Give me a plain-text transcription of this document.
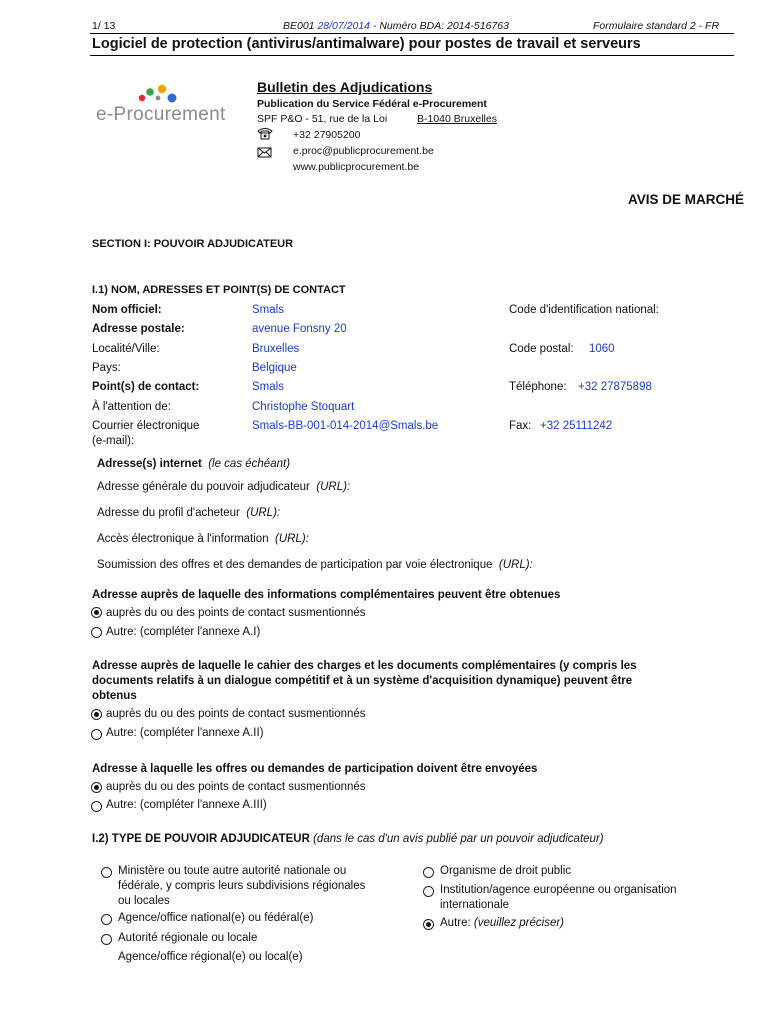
1/ 13	BE001 28/07/2014 - Numéro BDA: 2014-516763	Formulaire standard 2 - FR
Logiciel de protection (antivirus/antimalware) pour postes de travail et serveurs
e-Procurement
Bulletin des Adjudications
Publication du Service Fédéral e-Procurement
SPF P&O - 51, rue de la Loi	B-1040 Bruxelles
+32 27905200
e.proc@publicprocurement.be
www.publicprocurement.be
AVIS DE MARCHÉ
SECTION I: POUVOIR ADJUDICATEUR
I.1) NOM, ADRESSES ET POINT(S) DE CONTACT
Nom officiel:	Smals	Code d'identification national:
Adresse postale:	avenue Fonsny 20
Localité/Ville:	Bruxelles	Code postal: 1060
Pays:	Belgique
Point(s) de contact:	Smals	Téléphone: +32 27875898
À l'attention de:	Christophe Stoquart
Courrier électronique
(e-mail):
Smals-BB-001-014-2014@Smals.be	Fax: +32 25111242
Adresse(s) internet (le cas échéant)
Adresse générale du pouvoir adjudicateur (URL):
Adresse du profil d'acheteur (URL):
Accès électronique à l'information (URL):
Soumission des offres et des demandes de participation par voie électronique (URL):
Adresse auprès de laquelle des informations complémentaires peuvent être obtenues
auprès du ou des points de contact susmentionnés
Autre: (compléter l'annexe A.I)
Adresse auprès de laquelle le cahier des charges et les documents complémentaires (y compris les
documents relatifs à un dialogue compétitif et à un système d'acquisition dynamique) peuvent être
obtenus
auprès du ou des points de contact susmentionnés
Autre: (compléter l'annexe A.II)
Adresse à laquelle les offres ou demandes de participation doivent être envoyées
auprès du ou des points de contact susmentionnés
Autre: (compléter l'annexe A.III)
I.2) TYPE DE POUVOIR ADJUDICATEUR (dans le cas d'un avis publié par un pouvoir adjudicateur)
Ministère ou toute autre autorité nationale ou
fédérale, y compris leurs subdivisions régionales
ou locales
Agence/office national(e) ou fédéral(e)
Autorité régionale ou locale
Agence/office régional(e) ou local(e)
Organisme de droit public
Institution/agence européenne ou organisation
internationale
Autre: (veuillez préciser)
